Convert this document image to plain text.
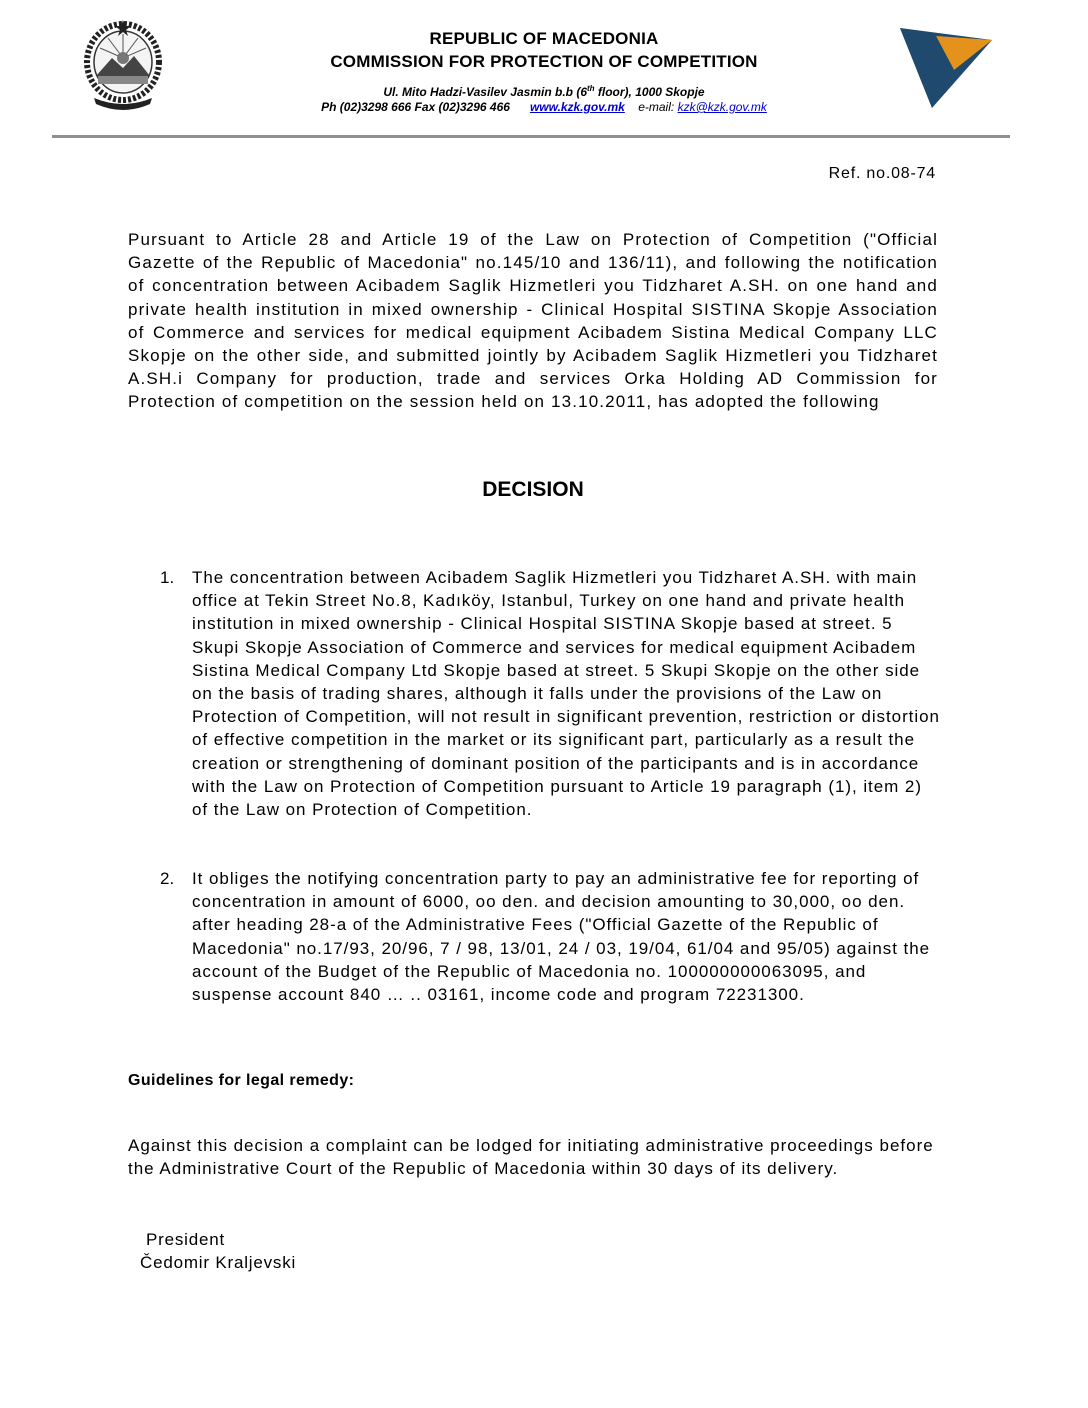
REPUBLIC OF MACEDONIA
COMMISSION FOR PROTECTION OF COMPETITION
Ul. Mito Hadzi-Vasilev Jasmin b.b (6th floor), 1000 Skopje
Ph (02)3298 666 Fax (02)3296 466 www.kzk.gov.mk e-mail: kzk@kzk.gov.mk
Ref. no.08-74
Pursuant to Article 28 and Article 19 of the Law on Protection of Competition ("Official Gazette of the Republic of Macedonia" no.145/10 and 136/11), and following the notification of concentration between Acibadem Saglik Hizmetleri you Tidzharet A.SH. on one hand and private health institution in mixed ownership - Clinical Hospital SISTINA Skopje Association of Commerce and services for medical equipment Acibadem Sistina Medical Company LLC Skopje on the other side, and submitted jointly by Acibadem Saglik Hizmetleri you Tidzharet A.SH.i Company for production, trade and services Orka Holding AD Commission for Protection of competition on the session held on 13.10.2011, has adopted the following
DECISION
1. The concentration between Acibadem Saglik Hizmetleri you Tidzharet A.SH. with main office at Tekin Street No.8, Kadıköy, Istanbul, Turkey on one hand and private health institution in mixed ownership - Clinical Hospital SISTINA Skopje based at street. 5 Skupi Skopje Association of Commerce and services for medical equipment Acibadem Sistina Medical Company Ltd Skopje based at street. 5 Skupi Skopje on the other side on the basis of trading shares, although it falls under the provisions of the Law on Protection of Competition, will not result in significant prevention, restriction or distortion of effective competition in the market or its significant part, particularly as a result the creation or strengthening of dominant position of the participants and is in accordance with the Law on Protection of Competition pursuant to Article 19 paragraph (1), item 2) of the Law on Protection of Competition.
2. It obliges the notifying concentration party to pay an administrative fee for reporting of concentration in amount of 6000, oo den. and decision amounting to 30,000, oo den. after heading 28-a of the Administrative Fees ("Official Gazette of the Republic of Macedonia" no.17/93, 20/96, 7 / 98, 13/01, 24 / 03, 19/04, 61/04 and 95/05) against the account of the Budget of the Republic of Macedonia no. 100000000063095, and suspense account 840 … .. 03161, income code and program 72231300.
Guidelines for legal remedy:
Against this decision a complaint can be lodged for initiating administrative proceedings before the Administrative Court of the Republic of Macedonia within 30 days of its delivery.
President
Čedomir Kraljevski
